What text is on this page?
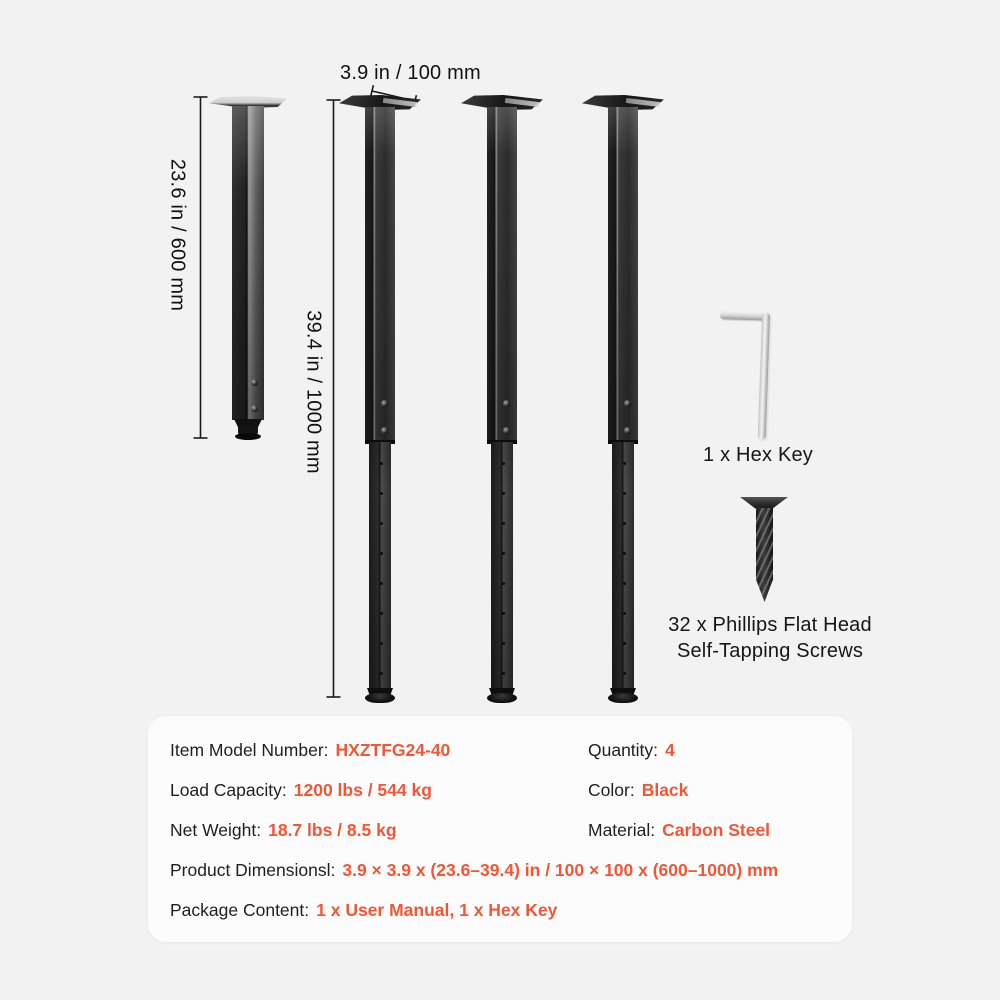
3.9 in / 100 mm
23.6 in / 600 mm
39.4 in / 1000 mm	1 x Hex Key
32 x Phillips Flat Head
Self-Tapping Screws
Item Model Number: HXZTFG24-40
Load Capacity: 1200 lbs / 544 kg
Net Weight: 18.7 lbs / 8.5 kg
Product Dimensionsl: 3.9 × 3.9 x (23.6–39.4) in / 100 × 100 x (600–1000) mm
Package Content: 1 x User Manual, 1 x Hex Key
Quantity: 4
Color: Black
Material: Carbon Steel
